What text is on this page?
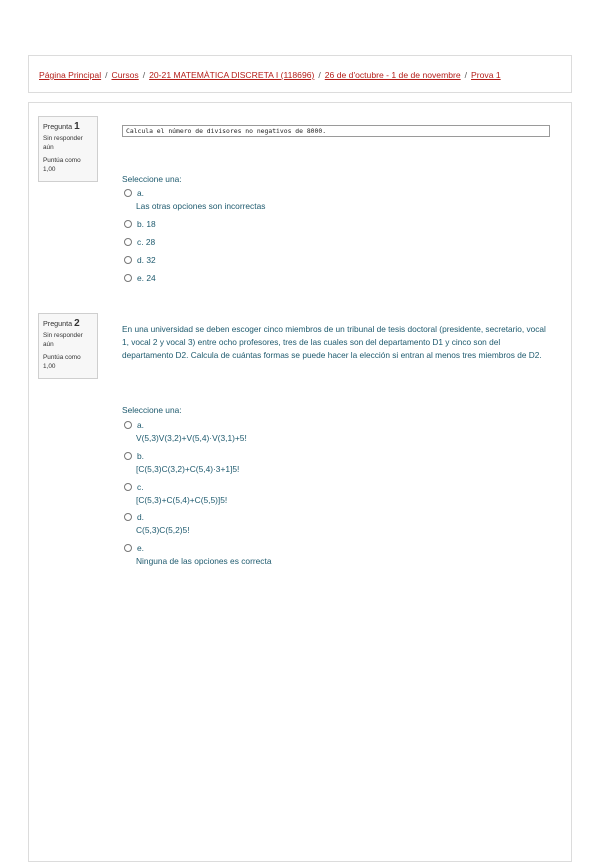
Página Principal / Cursos / 20-21 MATEMÀTICA DISCRETA I (118696) / 26 de d'octubre - 1 de de novembre / Prova 1
Pregunta 1
Sin responder aún
Puntúa como 1,00
Calcula el número de divisores no negativos de 8000.
Seleccione una:
a.
Las otras opciones son incorrectas
b. 18
c. 28
d. 32
e. 24
Pregunta 2
Sin responder aún
Puntúa como 1,00
En una universidad se deben escoger cinco miembros de un tribunal de tesis doctoral (presidente, secretario, vocal 1, vocal 2 y vocal 3) entre ocho profesores, tres de las cuales son del departamento D1 y cinco son del departamento D2. Calcula de cuántas formas se puede hacer la elección si entran al menos tres miembros de D2.
Seleccione una:
a.
V(5,3)V(3,2)+V(5,4)·V(3,1)+5!
b.
[C(5,3)C(3,2)+C(5,4)·3+1]5!
c.
[C(5,3)+C(5,4)+C(5,5)]5!
d.
C(5,3)C(5,2)5!
e.
Ninguna de las opciones es correcta
